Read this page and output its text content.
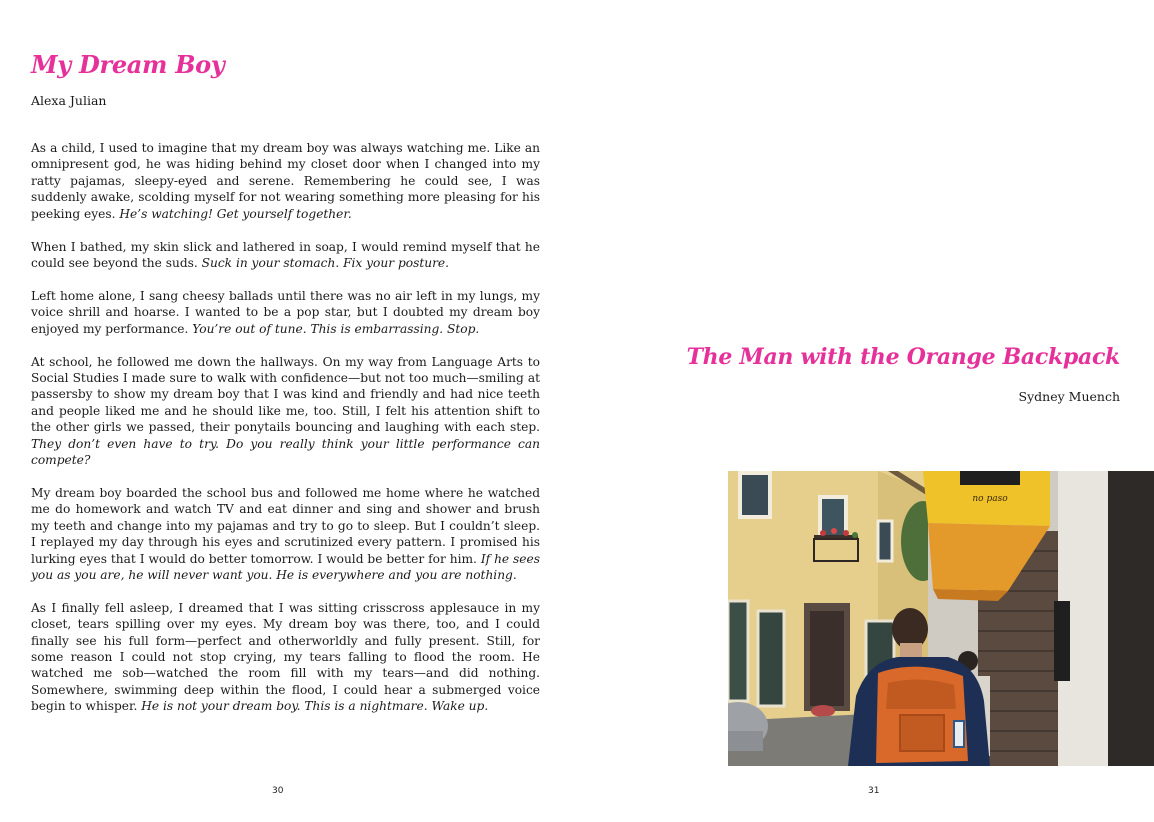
My Dream Boy
Alexa Julian

As a child, I used to imagine that my dream boy was always watching me. Like an omnipresent god, he was hiding behind my closet door when I changed into my ratty pajamas, sleepy-eyed and serene. Remembering he could see, I was suddenly awake, scolding myself for not wearing something more pleasing for his peeking eyes. He’s watching! Get yourself together.

When I bathed, my skin slick and lathered in soap, I would remind myself that he could see beyond the suds. Suck in your stomach. Fix your posture.

Left home alone, I sang cheesy ballads until there was no air left in my lungs, my voice shrill and hoarse. I wanted to be a pop star, but I doubted my dream boy enjoyed my performance. You’re out of tune. This is embarrassing. Stop.

At school, he followed me down the hallways. On my way from Language Arts to Social Studies I made sure to walk with confidence—but not too much—smiling at passersby to show my dream boy that I was kind and friendly and had nice teeth and people liked me and he should like me, too. Still, I felt his attention shift to the other girls we passed, their ponytails bouncing and laughing with each step. They don’t even have to try. Do you really think your little performance can compete?

My dream boy boarded the school bus and followed me home where he watched me do homework and watch TV and eat dinner and sing and shower and brush my teeth and change into my pajamas and try to go to sleep. But I couldn’t sleep. I replayed my day through his eyes and scrutinized every pattern. I promised his lurking eyes that I would do better tomorrow. I would be better for him. If he sees you as you are, he will never want you. He is everywhere and you are nothing.

As I finally fell asleep, I dreamed that I was sitting crisscross applesauce in my closet, tears spilling over my eyes. My dream boy was there, too, and I could finally see his full form—perfect and otherworldly and fully present. Still, for some reason I could not stop crying, my tears falling to flood the room. He watched me sob—watched the room fill with my tears—and did nothing. Somewhere, swimming deep within the flood, I could hear a submerged voice begin to whisper. He is not your dream boy. This is a nightmare. Wake up.

30
The Man with the Orange Backpack
Sydney Muench
no paso
31
